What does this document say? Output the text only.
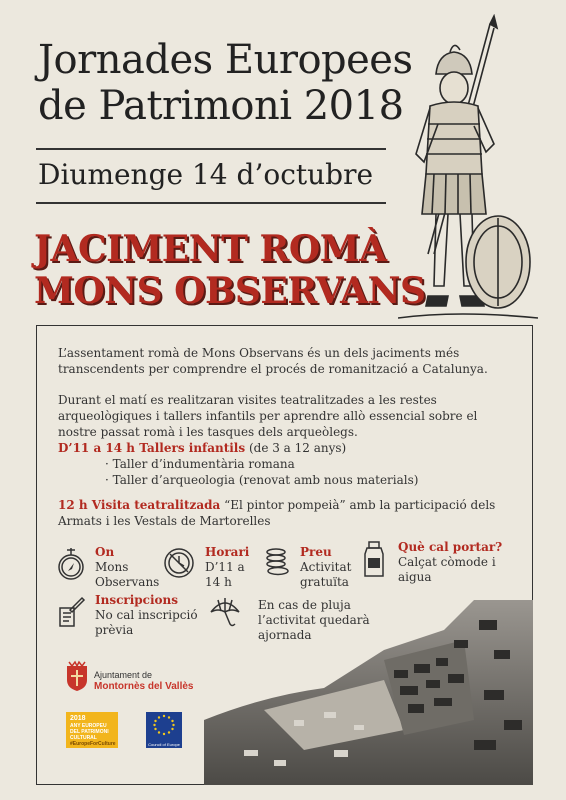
Jornades Europees
de Patrimoni 2018
Diumenge 14 d’octubre
JACIMENT ROMÀ
MONS OBSERVANS
L’assentament romà de Mons Observans és un dels jaciments més transcendents per comprendre el procés de romanització a Catalunya.
Durant el matí es realitzaran visites teatralitzades a les restes arqueològiques i tallers infantils per aprendre allò essencial sobre el nostre passat romà i les tasques dels arqueòlegs.
D’11 a 14 h Tallers infantils (de 3 a 12 anys)
· Taller d’indumentària romana
· Taller d’arqueologia (renovat amb nous materials)
12 h Visita teatralitzada “El pintor pompeià” amb la participació dels Armats i les Vestals de Martorelles
On
Mons Observans
Horari
D’11 a 14 h
Preu
Activitat gratuïta
Què cal portar?
Calçat còmode i aigua
Inscripcions
No cal inscripció prèvia
En cas de pluja l’activitat quedarà ajornada
Ajuntament de
Montornès del Vallès
2018
ANY EUROPEU
DEL PATRIMONI
CULTURAL
#EuropeForCulture	Council of Europe
